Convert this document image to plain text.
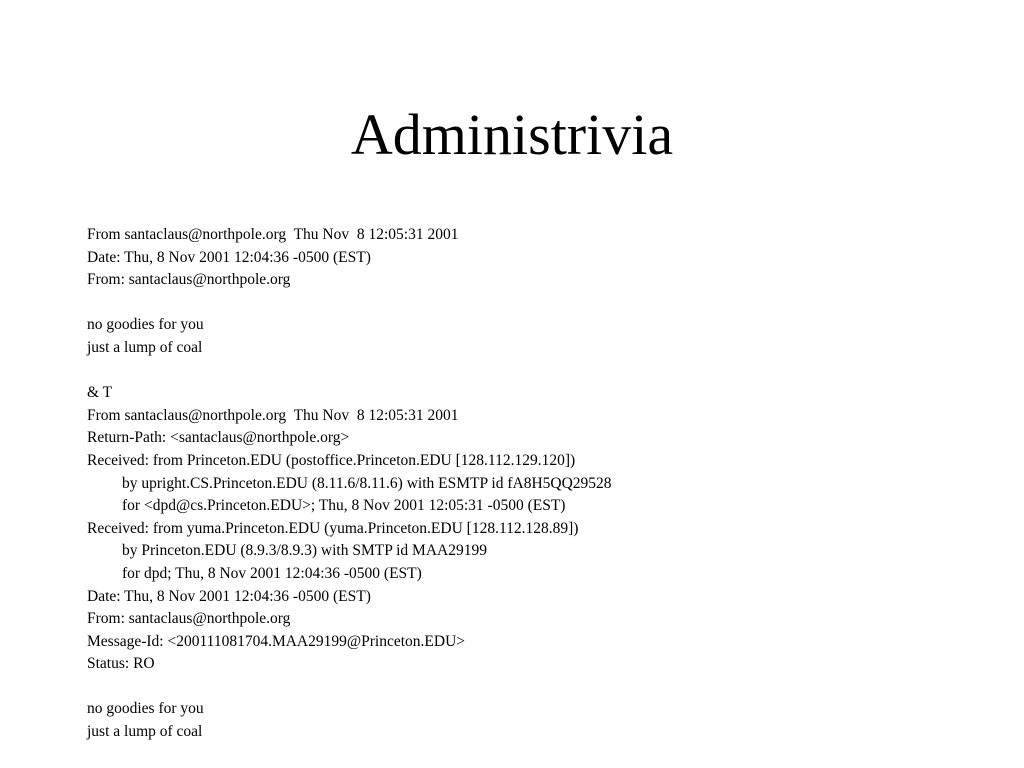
Administrivia
From santaclaus@northpole.org  Thu Nov  8 12:05:31 2001
Date: Thu, 8 Nov 2001 12:04:36 -0500 (EST)
From: santaclaus@northpole.org
no goodies for you
just a lump of coal
& T
From santaclaus@northpole.org  Thu Nov  8 12:05:31 2001
Return-Path: <santaclaus@northpole.org>
Received: from Princeton.EDU (postoffice.Princeton.EDU [128.112.129.120])
by upright.CS.Princeton.EDU (8.11.6/8.11.6) with ESMTP id fA8H5QQ29528
for <dpd@cs.Princeton.EDU>; Thu, 8 Nov 2001 12:05:31 -0500 (EST)
Received: from yuma.Princeton.EDU (yuma.Princeton.EDU [128.112.128.89])
by Princeton.EDU (8.9.3/8.9.3) with SMTP id MAA29199
for dpd; Thu, 8 Nov 2001 12:04:36 -0500 (EST)
Date: Thu, 8 Nov 2001 12:04:36 -0500 (EST)
From: santaclaus@northpole.org
Message-Id: <200111081704.MAA29199@Princeton.EDU>
Status: RO
no goodies for you
just a lump of coal
